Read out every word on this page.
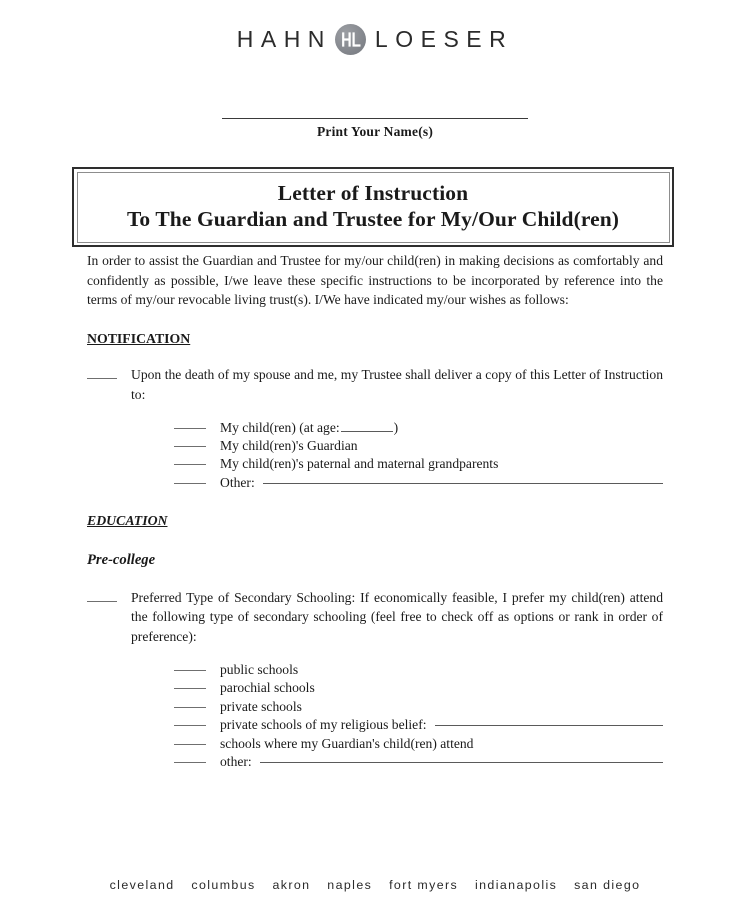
HAHN LOESER
Print Your Name(s)
Letter of Instruction
To The Guardian and Trustee for My/Our Child(ren)

In order to assist the Guardian and Trustee for my/our child(ren) in making decisions as comfortably and confidently as possible, I/we leave these specific instructions to be incorporated by reference into the terms of my/our revocable living trust(s). I/We have indicated my/our wishes as follows:

NOTIFICATION
Upon the death of my spouse and me, my Trustee shall deliver a copy of this Letter of Instruction to:
My child(ren) (at age:	)
My child(ren)'s Guardian
My child(ren)'s paternal and maternal grandparents
Other:
EDUCATION
Pre-college
Preferred Type of Secondary Schooling: If economically feasible, I prefer my child(ren) attend the following type of secondary schooling (feel free to check off as options or rank in order of preference):
public schools
parochial schools
private schools
private schools of my religious belief:
schools where my Guardian's child(ren) attend
other:
cleveland columbus akron naples fort myers indianapolis san diego
